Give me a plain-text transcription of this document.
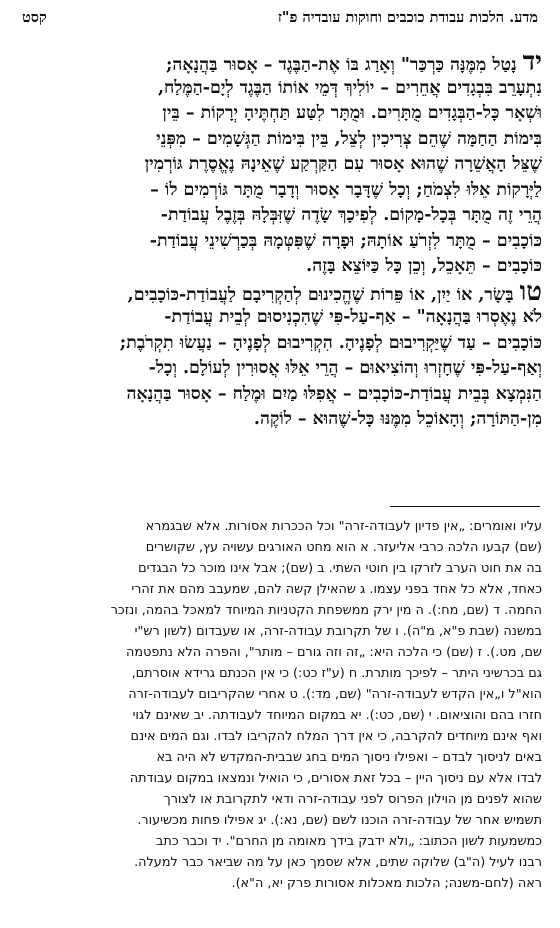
מדע. הלכות עבודת כוכבים וחוקות עובדיה פ"ז
קסט
ידנָטַל מִמֶּנָּה כַּרְכַּר" וְאָרַג בּוֹ אֶת-הַבֶּגֶד – אָסוּר בַּהֲנָאָה;
נִתְעָרֵב בִּבְגָדִים אֲחֵרִים – יוֹלִיךְ דְּמֵי אוֹתוֹ הַבֶּגֶד לְיָם-הַמֶּלַח,
וּשְׁאָר כָּל-הַבְּגָדִים מֻתָּרִים. וּמֻתָּר לִטַּע תַּחְתֶּיהָ יְרָקוֹת – בֵּין
בִּימוֹת הַחַמָּה שֶׁהֵם צְרִיכִין לְצֵל, בֵּין בִּימוֹת הַגְּשָׁמִים – מִפְּנֵי
שֶׁצֵּל הָאֲשֵׁרָה שֶׁהוּא אָסוּר עִם הַקַּרְקַע שֶׁאֵינָהּ נֶאֱסֶרֶת גּוֹרְמִין
לַיְּרָקוֹת אֵלּוּ לִצְמֹחַ; וְכָל שֶׁדָּבָר אָסוּר וְדָבָר מֻתָּר גּוֹרְמִים לוֹ –
הֲרֵי זֶה מֻתָּר בְּכָל-מָקוֹם. לְפִיכָךְ שָׂדֶה שֶׁזִּבְּלָהּ בְּזֶבֶל עֲבוֹדַת-
כּוֹכָבִים – מֻתָּר לִזְרֹעַ אוֹתָהּ; וּפָרָה שֶׁפִּטְּמָהּ בְּכַרְשִׁינֵי עֲבוֹדַת-
כּוֹכָבִים – תֵּאָכֵל, וְכֵן כָּל כַּיּוֹצֵא בָּזֶה.
טובָּשָׂר, אוֹ יַיִן, אוֹ פֵּרוֹת שֶׁהֱכִינוּם לְהַקְרִיבָם לַעֲבוֹדַת-כּוֹכָבִים,
לֹא נֶאֶסְרוּ בַּהֲנָאָה" – אַף-עַל-פִּי שֶׁהִכְנִיסוּם לְבֵית עֲבוֹדַת-
כּוֹכָבִים – עַד שֶׁיַּקְרִיבוּם לְפָנֶיהָ. הִקְרִיבוּם לְפָנֶיהָ – נַעֲשׂוּ תִקְרֹבֶת;
וְאַף-עַל-פִּי שֶׁחָזְרוּ וְהוֹצִיאוּם – הֲרֵי אֵלּוּ אֲסוּרִין לְעוֹלָם. וְכָל-
הַנִּמְצָא בְּבֵית עֲבוֹדַת-כּוֹכָבִים – אֲפִלּוּ מַיִם וּמֶלַח – אָסוּר בַּהֲנָאָה
מִן-הַתּוֹרָה; וְהָאוֹכֵל מִמֶּנּוּ כָּל-שֶׁהוּא – לוֹקֶה.
עליו ואומרים: „אין פדיון לעבודה-זרה" וכל הככרות אסורות. אלא שבגמרא
(שם) קבעו הלכה כרבי אליעזר. א הוא מחט האורגים עשויה עץ, שקושרים
בה את חוט הערב לזרקו בין חוטי השתי. ב (שם); אבל אינו מוכר כל הבגדים
כאחד, אלא כל אחד בפני עצמו. ג שהאילן קשה להם, שמעבב מהם את זהרי
החמה. ד (שם, מח:). ה מין ירק ממשפחת הקטניות המיוחד למאכל בהמה, ונזכר
במשנה (שבת פ"א, מ"ה). ו של תקרובת עבודה-זרה, או שעבדום (לשון רש"י
שם, מט.). ז (שם) כי הלכה היא: „זה וזה גורם – מותר", והפרה הלא נתפטמה
גם בכרשיני היתר – לפיכך מותרת. ח (ע"ז כט:) כי אין הכנתם גרידא אוסרתם,
הוא"ל ו„אין הקדש לעבודה-זרה" (שם, מד:). ט אחרי שהקריבום לעבודה-זרה
חזרו בהם והוציאום. י (שם, כט:). יא במקום המיוחד לעבודתה. יב שאינם לגוי
ואף אינם מיוחדים להקרבה, כי אין דרך המלח להקריבו לבדו. וגם המים אינם
באים לניסוך לבדם – ואפילו ניסוך המים בחג שבבית-המקדש לא היה בא
לבדו אלא עם ניסוך היין – בכל זאת אסורים, כי הואיל ונמצאו במקום עבודתה
שהוא לפנים מן הוילון הפרוס לפני עבודה-זרה ודאי לתקרובת או לצורך
תשמיש אחר של עבודה-זרה הוכנו לשם (שם, נא:). יג אפילו פחות מכשיעור.
כמשמעות לשון הכתוב: „ולא ידבק בידך מאומה מן החרם". יד וכבר כתב
רבנו לעיל (ה"ב) שלוקה שתים, אלא שסמך כאן על מה שביאר כבר למעלה.
ראה (לחם-משנה; הלכות מאכלות אסורות פרק יא, ה"א).
